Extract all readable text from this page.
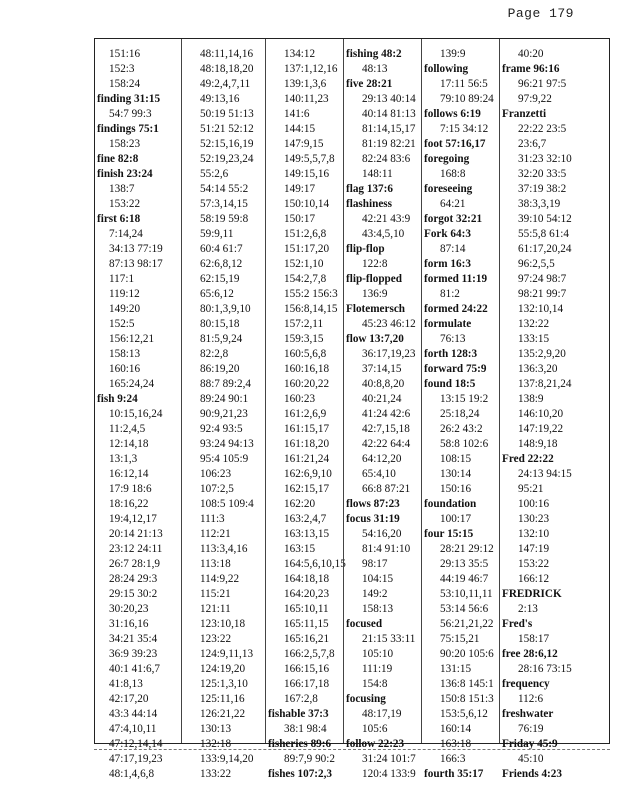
Page 179
151:16
152:3
158:24
finding 31:15
54:7 99:3
findings 75:1
158:23
fine 82:8
finish 23:24
138:7
153:22
first 6:18
7:14,24
34:13 77:19
87:13 98:17
117:1
119:12
149:20
152:5
156:12,21
158:13
160:16
165:24,24
fish 9:24
10:15,16,24
11:2,4,5
12:14,18
13:1,3
16:12,14
17:9 18:6
18:16,22
19:4,12,17
20:14 21:13
23:12 24:11
26:7 28:1,9
28:24 29:3
29:15 30:2
30:20,23
31:16,16
34:21 35:4
36:9 39:23
40:1 41:6,7
41:8,13
42:17,20
43:3 44:14
47:4,10,11
47:12,14,14
47:17,19,23
48:1,4,6,8
48:11,14,16
48:18,18,20
49:2,4,7,11
49:13,16
50:19 51:13
51:21 52:12
52:15,16,19
52:19,23,24
55:2,6
54:14 55:2
57:3,14,15
58:19 59:8
59:9,11
60:4 61:7
62:6,8,12
62:15,19
65:6,12
80:1,3,9,10
80:15,18
81:5,9,24
82:2,8
86:19,20
88:7 89:2,4
89:24 90:1
90:9,21,23
92:4 93:5
93:24 94:13
95:4 105:9
106:23
107:2,5
108:5 109:4
111:3
112:21
113:3,4,16
113:18
114:9,22
115:21
121:11
123:10,18
123:22
124:9,11,13
124:19,20
125:1,3,10
125:11,16
126:21,22
130:13
132:18
133:9,14,20
133:22
134:12
137:1,12,16
139:1,3,6
140:11,23
141:6
144:15
147:9,15
149:5,5,7,8
149:15,16
149:17
150:10,14
150:17
151:2,6,8
151:17,20
152:1,10
154:2,7,8
155:2 156:3
156:8,14,15
157:2,11
159:3,15
160:5,6,8
160:16,18
160:20,22
160:23
161:2,6,9
161:15,17
161:18,20
161:21,24
162:6,9,10
162:15,17
162:20
163:2,4,7
163:13,15
163:15
164:5,6,10,15
164:18,18
164:20,23
165:10,11
165:11,15
165:16,21
166:2,5,7,8
166:15,16
166:17,18
167:2,8
fishable 37:3
38:1 98:4
fisheries 89:6
89:7,9 90:2
fishes 107:2,3
fishing 48:2
48:13
five 28:21
29:13 40:14
40:14 81:13
81:14,15,17
81:19 82:21
82:24 83:6
148:11
flag 137:6
flashiness
42:21 43:9
43:4,5,10
flip-flop
122:8
flip-flopped
136:9
Flotemersch
45:23 46:12
flow 13:7,20
36:17,19,23
37:14,15
40:8,8,20
40:21,24
41:24 42:6
42:7,15,18
42:22 64:4
64:12,20
65:4,10
66:8 87:21
flows 87:23
focus 31:19
54:16,20
81:4 91:10
98:17
104:15
149:2
158:13
focused
21:15 33:11
105:10
111:19
154:8
focusing
48:17,19
105:6
follow 22:23
31:24 101:7
120:4 133:9
139:9
following
17:11 56:5
79:10 89:24
follows 6:19
7:15 34:12
foot 57:16,17
foregoing
168:8
foreseeing
64:21
forgot 32:21
Fork 64:3
87:14
form 16:3
formed 11:19
81:2
formed 24:22
formulate
76:13
forth 128:3
forward 75:9
found 18:5
13:15 19:2
25:18,24
26:2 43:2
58:8 102:6
108:15
130:14
150:16
foundation
100:17
four 15:15
28:21 29:12
29:13 35:5
44:19 46:7
53:10,11,11
53:14 56:6
56:21,21,22
75:15,21
90:20 105:6
131:15
136:8 145:1
150:8 151:3
153:5,6,12
160:14
163:18
166:3
fourth 35:17
40:20
frame 96:16
96:21 97:5
97:9,22
Franzetti
22:22 23:5
23:6,7
31:23 32:10
32:20 33:5
37:19 38:2
38:3,3,19
39:10 54:12
55:5,8 61:4
61:17,20,24
96:2,5,5
97:24 98:7
98:21 99:7
132:10,14
132:22
133:15
135:2,9,20
136:3,20
137:8,21,24
138:9
146:10,20
147:19,22
148:9,18
Fred 22:22
24:13 94:15
95:21
100:16
130:23
132:10
147:19
153:22
166:12
FREDRICK
2:13
Fred's
158:17
free 28:6,12
28:16 73:15
frequency
112:6
freshwater
76:19
Friday 45:9
45:10
Friends 4:23
